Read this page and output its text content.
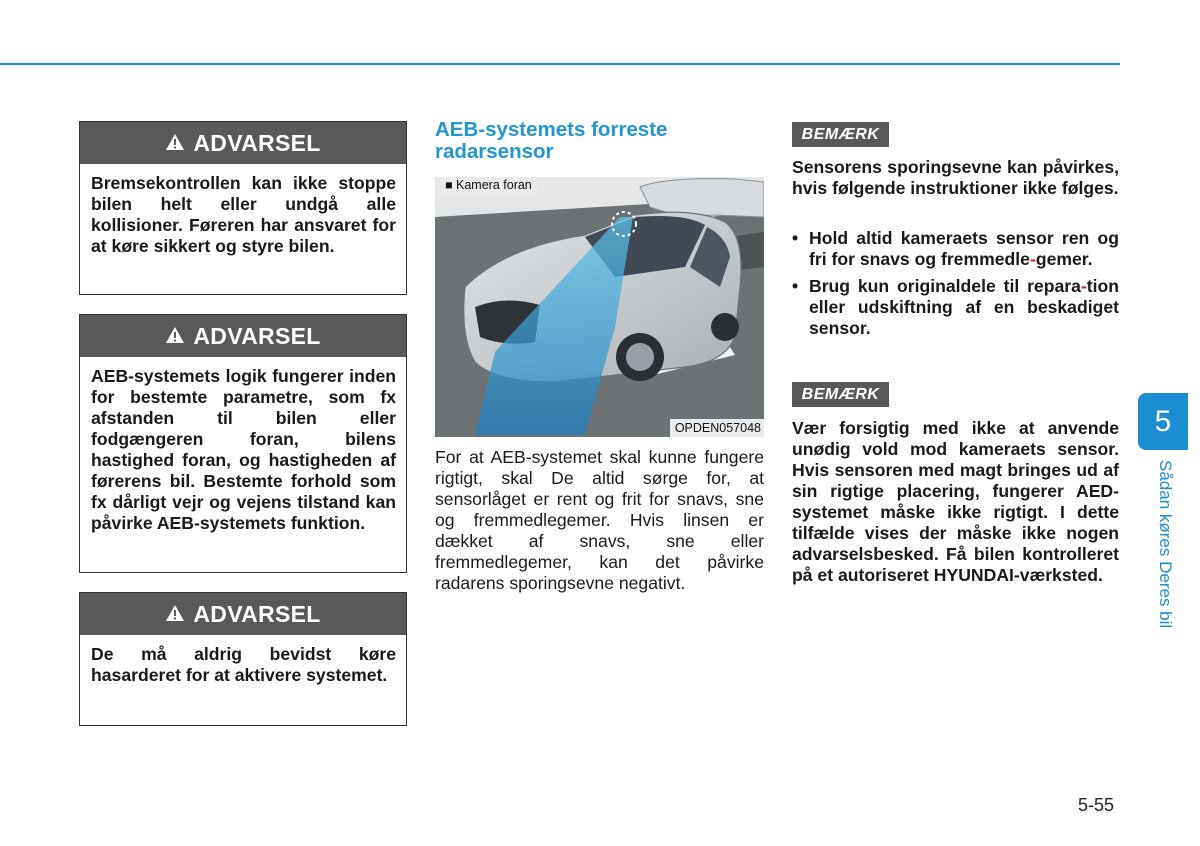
ADVARSEL
Bremsekontrollen kan ikke stoppe bilen helt eller undgå alle kollisioner. Føreren har ansvaret for at køre sikkert og styre bilen.
ADVARSEL
AEB-systemets logik fungerer inden for bestemte parametre, som fx afstanden til bilen eller fodgængeren foran, bilens hastighed foran, og hastigheden af førerens bil. Bestemte forhold som fx dårligt vejr og vejens tilstand kan påvirke AEB-systemets funktion.
ADVARSEL
De må aldrig bevidst køre hasarderet for at aktivere systemet.
AEB-systemets forreste radarsensor
■ Kamera foran
OPDEN057048
For at AEB-systemet skal kunne fungere rigtigt, skal De altid sørge for, at sensorlåget er rent og frit for snavs, sne og fremmedlegemer. Hvis linsen er dækket af snavs, sne eller fremmedlegemer, kan det påvirke radarens sporingsevne negativt.
BEMÆRK
Sensorens sporingsevne kan påvirkes, hvis følgende instruktioner ikke følges.
• Hold altid kameraets sensor ren og fri for snavs og fremmedle-gemer.
• Brug kun originaldele til repara-tion eller udskiftning af en beskadiget sensor.
BEMÆRK
Vær forsigtig med ikke at anvende unødig vold mod kameraets sensor. Hvis sensoren med magt bringes ud af sin rigtige placering, fungerer AED-systemet måske ikke rigtigt. I dette tilfælde vises der måske ikke nogen advarselsbesked. Få bilen kontrolleret på et autoriseret HYUNDAI-værksted.
5
Sådan køres Deres bil
5-55
